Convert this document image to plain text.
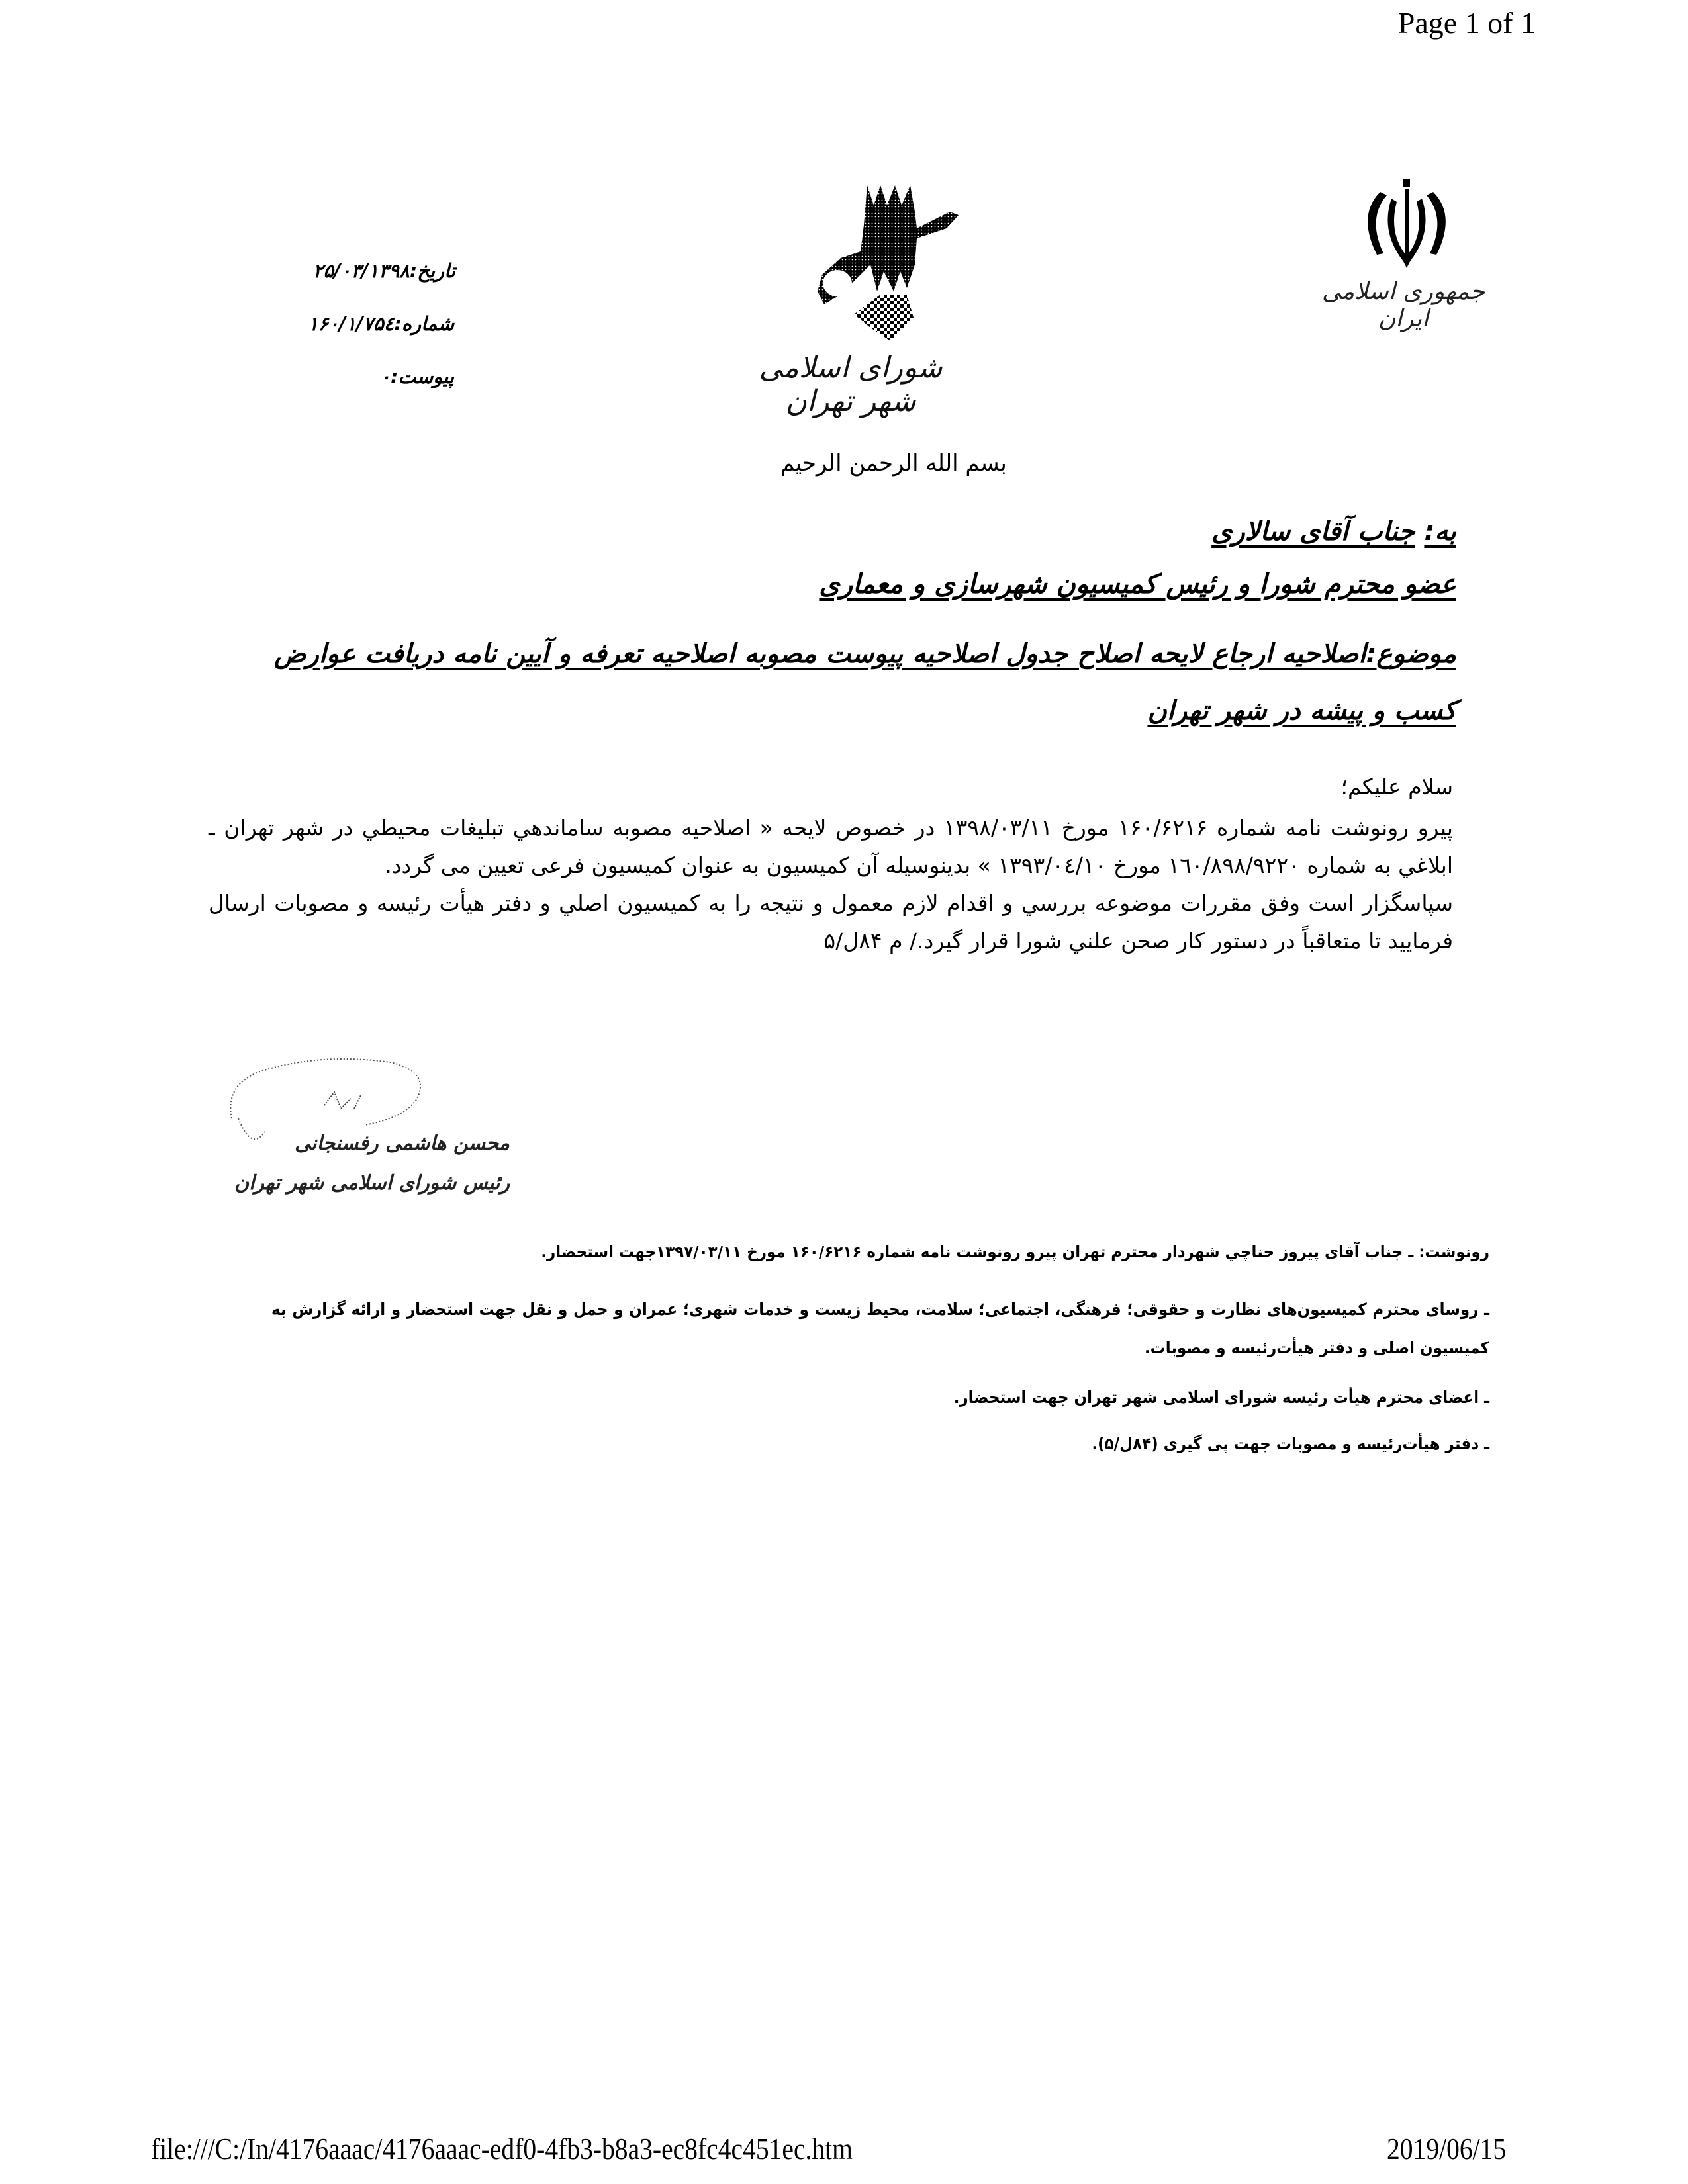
Page 1 of 1
file:///C:/In/4176aaac/4176aaac-edf0-4fb3-b8a3-ec8fc4c451ec.htm	2019/06/15
تاریخ:۲۵/۰۳/۱۳۹۸
شماره:۱۶۰/۱/۷۵٤
پیوست:۰	شورای اسلامی شهر تهران
جمهوری اسلامی ایران
بسم الله الرحمن الرحیم
به: جناب آقای سالاری
عضو محترم شورا و رئیس کمیسیون شهرسازی و معماری
موضوع:اصلاحیه ارجاع لایحه اصلاح جدول اصلاحیه پیوست مصوبه اصلاحیه تعرفه و آیین نامه دریافت عوارض کسب و پیشه در شهر تهران
سلام علیکم؛

پیرو رونوشت نامه شماره ۱۶۰/۶۲۱۶ مورخ ۱۳۹۸/۰۳/۱۱ در خصوص لایحه « اصلاحیه مصوبه ساماندهي تبليغات محيطي در شهر تهران ـ ابلاغي به شماره ۱٦۰/۸۹۸/۹۲۲۰ مورخ ۱۳۹۳/۰٤/۱۰ » بدینوسیله آن کمیسیون به عنوان کمیسیون فرعی تعیین می گردد.

سپاسگزار است وفق مقررات موضوعه بررسي و اقدام لازم معمول و نتیجه را به کمیسیون اصلي و دفتر هیأت رئیسه و مصوبات ارسال فرمایید تا متعاقباً در دستور کار صحن علني شورا قرار گیرد./ م ۸۴ل/۵

محسن هاشمی رفسنجانی
رئیس شورای اسلامی شهر تهران
رونوشت: ـ جناب آقای پیروز حناچي شهردار محترم تهران پیرو رونوشت نامه شماره ۱۶۰/۶۲۱۶ مورخ ۱۳۹۷/۰۳/۱۱جهت استحضار.
ـ روسای محترم کمیسیون‌های نظارت و حقوقی؛ فرهنگی، اجتماعی؛ سلامت، محیط زیست و خدمات شهری؛ عمران و حمل و نقل جهت استحضار و ارائه گزارش به کمیسیون اصلی و دفتر هیأت‌رئیسه و مصوبات.
ـ اعضای محترم هیأت رئیسه شورای اسلامی شهر تهران جهت استحضار.
ـ دفتر هیأت‌رئیسه و مصوبات جهت پی گیری (۸۴ل/۵).
